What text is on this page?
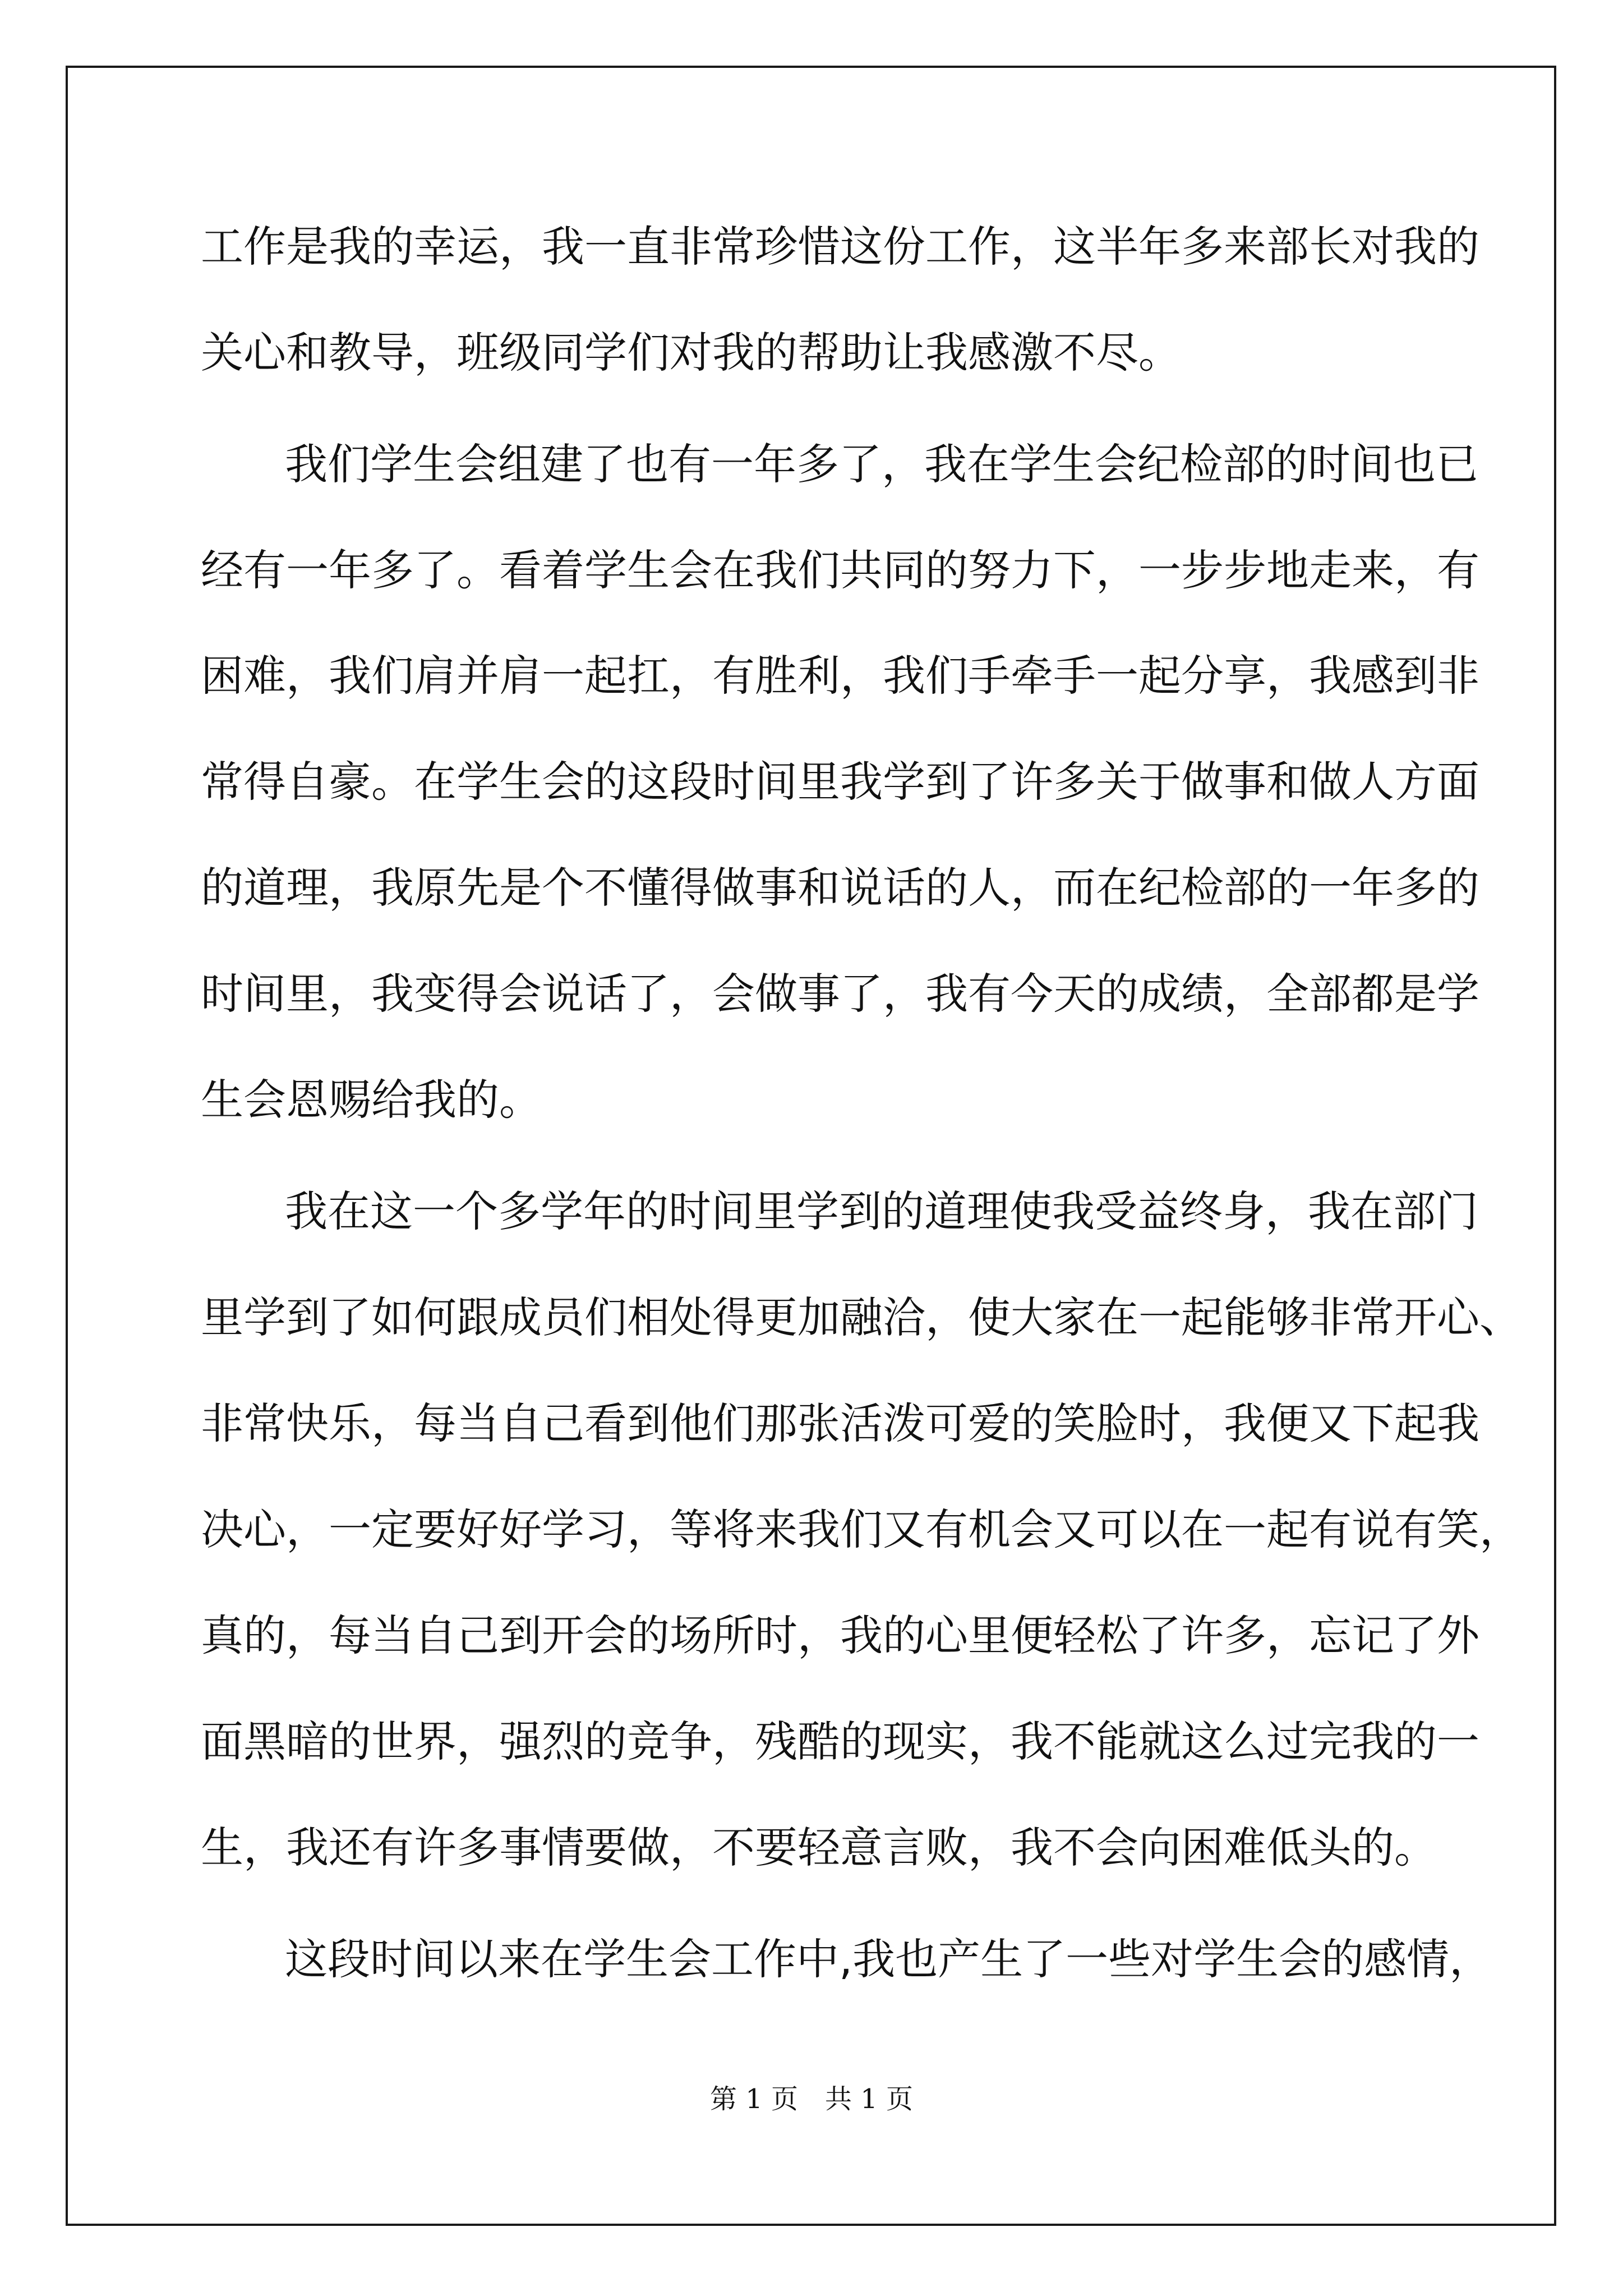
工作是我的幸运，我一直非常珍惜这份工作，这半年多来部长对我的
关心和教导，班级同学们对我的帮助让我感激不尽。
我们学生会组建了也有一年多了，我在学生会纪检部的时间也已
经有一年多了。看着学生会在我们共同的努力下，一步步地走来，有
困难，我们肩并肩一起扛，有胜利，我们手牵手一起分享，我感到非
常得自豪。在学生会的这段时间里我学到了许多关于做事和做人方面
的道理，我原先是个不懂得做事和说话的人，而在纪检部的一年多的
时间里，我变得会说话了，会做事了，我有今天的成绩，全部都是学
生会恩赐给我的。
我在这一个多学年的时间里学到的道理使我受益终身，我在部门
里学到了如何跟成员们相处得更加融洽，使大家在一起能够非常开心、
非常快乐，每当自己看到他们那张活泼可爱的笑脸时，我便又下起我
决心，一定要好好学习，等将来我们又有机会又可以在一起有说有笑，
真的，每当自己到开会的场所时，我的心里便轻松了许多，忘记了外
面黑暗的世界，强烈的竞争，残酷的现实，我不能就这么过完我的一
生，我还有许多事情要做，不要轻意言败，我不会向困难低头的。
这段时间以来在学生会工作中,我也产生了一些对学生会的感情，
第 1 页　共 1 页
